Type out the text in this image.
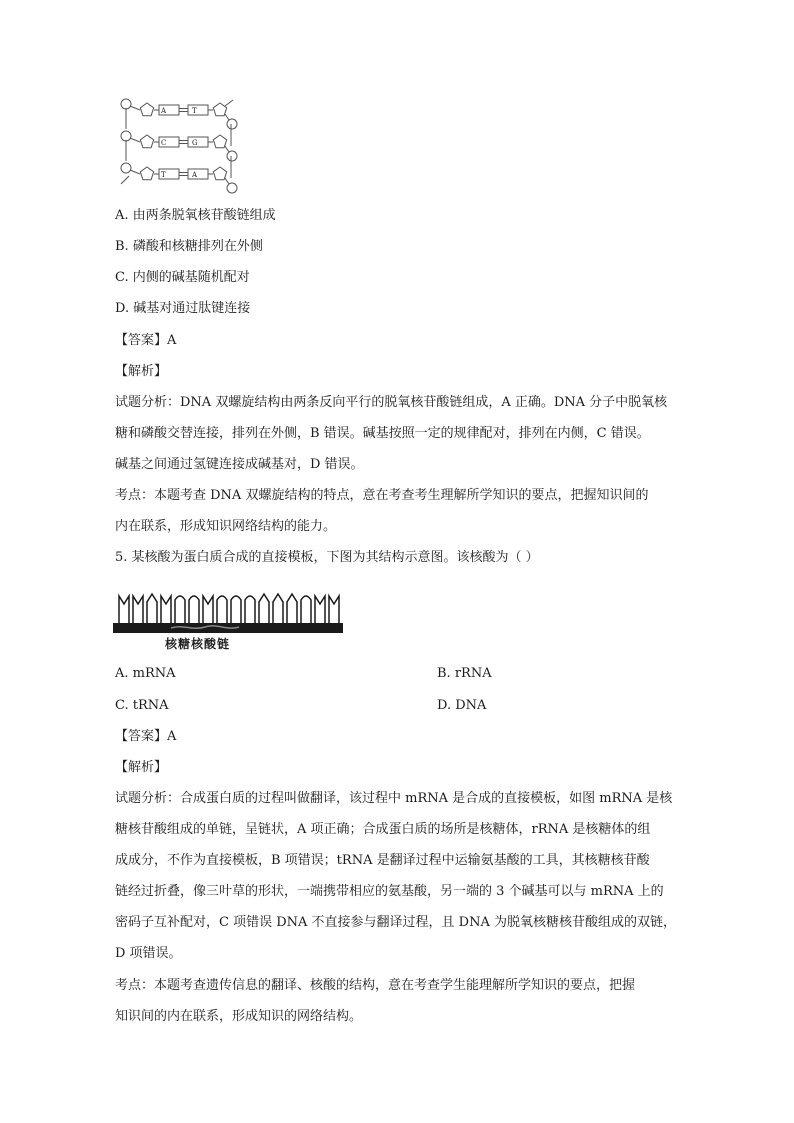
A	T
C	G
T	A
A. 由两条脱氧核苷酸链组成
B. 磷酸和核糖排列在外侧
C. 内侧的碱基随机配对
D. 碱基对通过肽键连接
【答案】A
【解析】
试题分析：DNA 双螺旋结构由两条反向平行的脱氧核苷酸链组成，A 正确。DNA 分子中脱氧核
糖和磷酸交替连接，排列在外侧，B 错误。碱基按照一定的规律配对，排列在内侧，C 错误。
碱基之间通过氢键连接成碱基对，D 错误。
考点：本题考查 DNA 双螺旋结构的特点，意在考查考生理解所学知识的要点，把握知识间的
内在联系，形成知识网络结构的能力。
5. 某核酸为蛋白质合成的直接模板，下图为其结构示意图。该核酸为（ ）
核糖核酸链
A. mRNA	B. rRNA
C. tRNA	D. DNA
【答案】A
【解析】
试题分析：合成蛋白质的过程叫做翻译，该过程中 mRNA 是合成的直接模板，如图 mRNA 是核
糖核苷酸组成的单链，呈链状，A 项正确；合成蛋白质的场所是核糖体，rRNA 是核糖体的组
成成分，不作为直接模板，B 项错误；tRNA 是翻译过程中运输氨基酸的工具，其核糖核苷酸
链经过折叠，像三叶草的形状，一端携带相应的氨基酸，另一端的 3 个碱基可以与 mRNA 上的
密码子互补配对，C 项错误 DNA 不直接参与翻译过程，且 DNA 为脱氧核糖核苷酸组成的双链，
D 项错误。
考点：本题考查遗传信息的翻译、核酸的结构，意在考查学生能理解所学知识的要点，把握
知识间的内在联系，形成知识的网络结构。
